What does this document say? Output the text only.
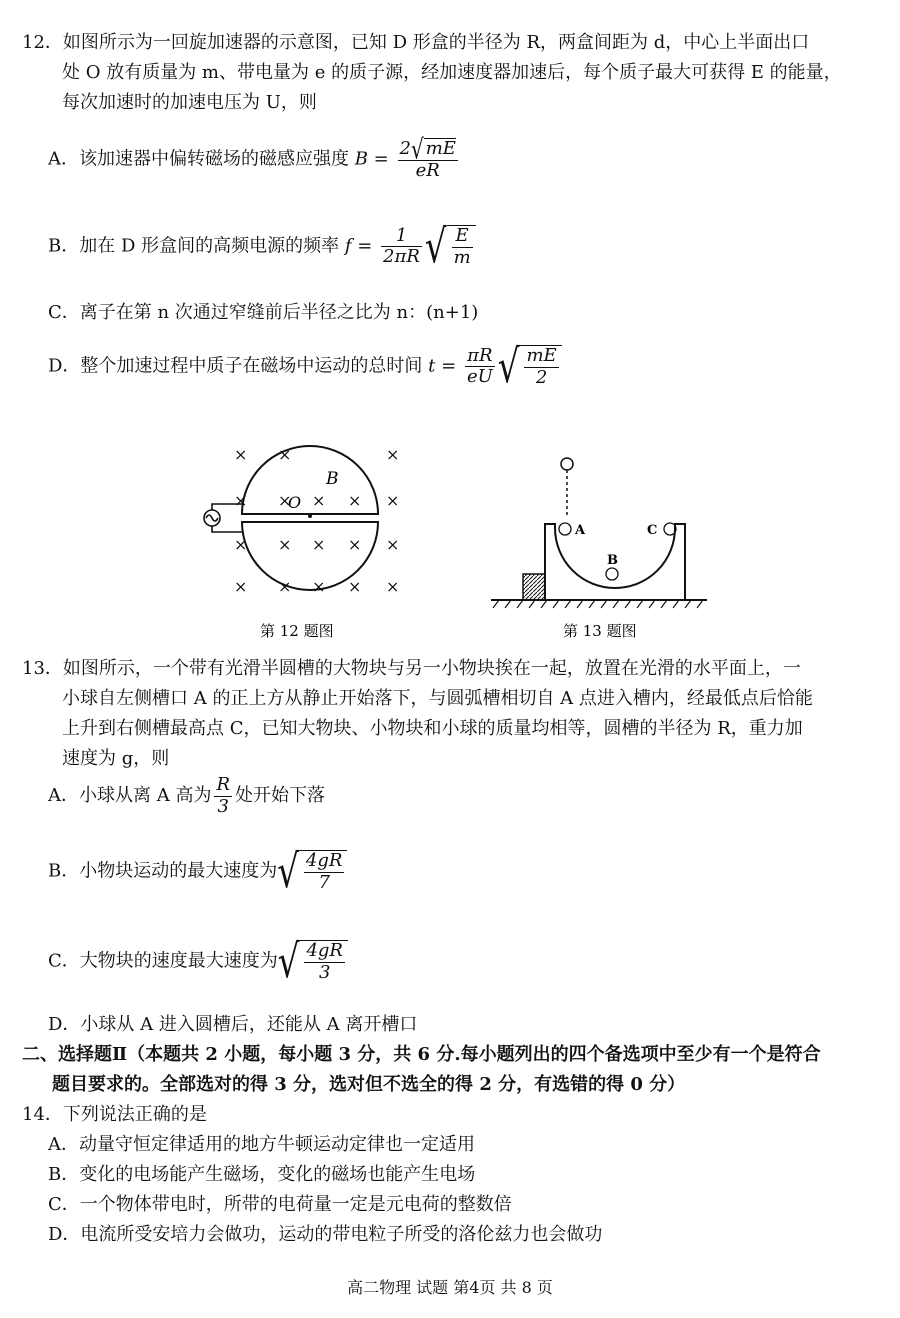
12．如图所示为一回旋加速器的示意图，已知 D 形盒的半径为 R，两盒间距为 d，中心上半面出口
处 O 放有质量为 m、带电量为 e 的质子源，经加速度器加速后，每个质子最大可获得 E 的能量，
每次加速时的加速电压为 U，则
A．该加速器中偏转磁场的磁感应强度 $B = \frac{2√ mE}{eR}$
B．加在 D 形盒间的高频电源的频率 $f = \frac{1}{2\pi R}$ √ $\frac{E}{m}$
C．离子在第 n 次通过窄缝前后半径之比为 n：(n+1)
D．整个加速过程中质子在磁场中运动的总时间 $t = \frac{\pi R}{eU}$ √ $\frac{mE}{2}$
× ×	×
× × × × ×
× × × × ×
× × × × ×
B
O
第 12 题图
A
B
C
第 13 题图
13．如图所示，一个带有光滑半圆槽的大物块与另一小物块挨在一起，放置在光滑的水平面上，一
小球自左侧槽口 A 的正上方从静止开始落下，与圆弧槽相切自 A 点进入槽内，经最低点后恰能
上升到右侧槽最高点 C，已知大物块、小物块和小球的质量均相等，圆槽的半径为 R，重力加
速度为 g，则
A．小球从离 A 高为 $\frac{R}{3}$ 处开始下落
B．小物块运动的最大速度为√ $\frac{4gR}{7}$
C．大物块的速度最大速度为√ $\frac{4gR}{3}$
D．小球从 A 进入圆槽后，还能从 A 离开槽口
二、选择题Ⅱ（本题共 2 小题，每小题 3 分，共 6 分.每小题列出的四个备选项中至少有一个是符合
题目要求的。全部选对的得 3 分，选对但不选全的得 2 分，有选错的得 0 分）
14．下列说法正确的是
A．动量守恒定律适用的地方牛顿运动定律也一定适用
B．变化的电场能产生磁场，变化的磁场也能产生电场
C．一个物体带电时，所带的电荷量一定是元电荷的整数倍
D．电流所受安培力会做功，运动的带电粒子所受的洛伦兹力也会做功
高二物理 试题 第4页 共 8 页
